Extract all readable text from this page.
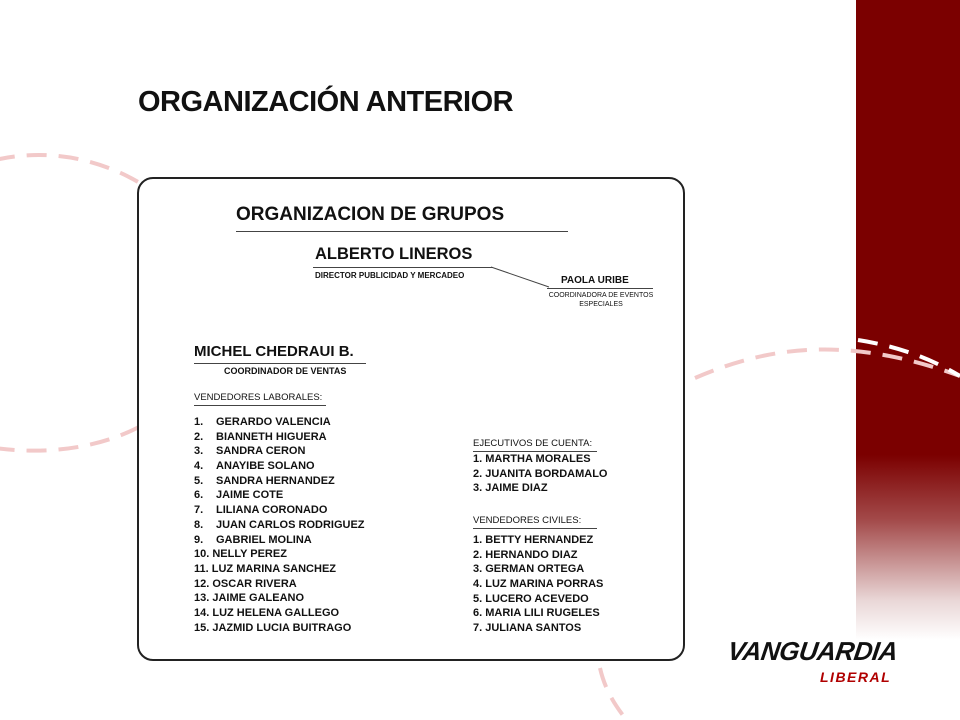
ORGANIZACIÓN ANTERIOR
ORGANIZACION DE GRUPOS
ALBERTO LINEROS
DIRECTOR PUBLICIDAD Y MERCADEO	PAOLA URIBE
COORDINADORA DE EVENTOS
ESPECIALES
MICHEL CHEDRAUI B.
COORDINADOR DE VENTAS
VENDEDORES LABORALES:
1. GERARDO VALENCIA
2. BIANNETH HIGUERA
3. SANDRA CERON
4. ANAYIBE SOLANO
5. SANDRA HERNANDEZ
6. JAIME COTE
7. LILIANA CORONADO
8. JUAN CARLOS RODRIGUEZ
9. GABRIEL MOLINA
10. NELLY PEREZ
11. LUZ MARINA SANCHEZ
12. OSCAR RIVERA
13. JAIME GALEANO
14. LUZ HELENA GALLEGO
15. JAZMID LUCIA BUITRAGO
EJECUTIVOS DE CUENTA:
1. MARTHA MORALES
2. JUANITA BORDAMALO
3. JAIME DIAZ
VENDEDORES CIVILES:
1. BETTY HERNANDEZ
2. HERNANDO DIAZ
3. GERMAN ORTEGA
4. LUZ MARINA PORRAS
5. LUCERO ACEVEDO
6. MARIA LILI RUGELES
7. JULIANA SANTOS
VANGUARDIA
LIBERAL
